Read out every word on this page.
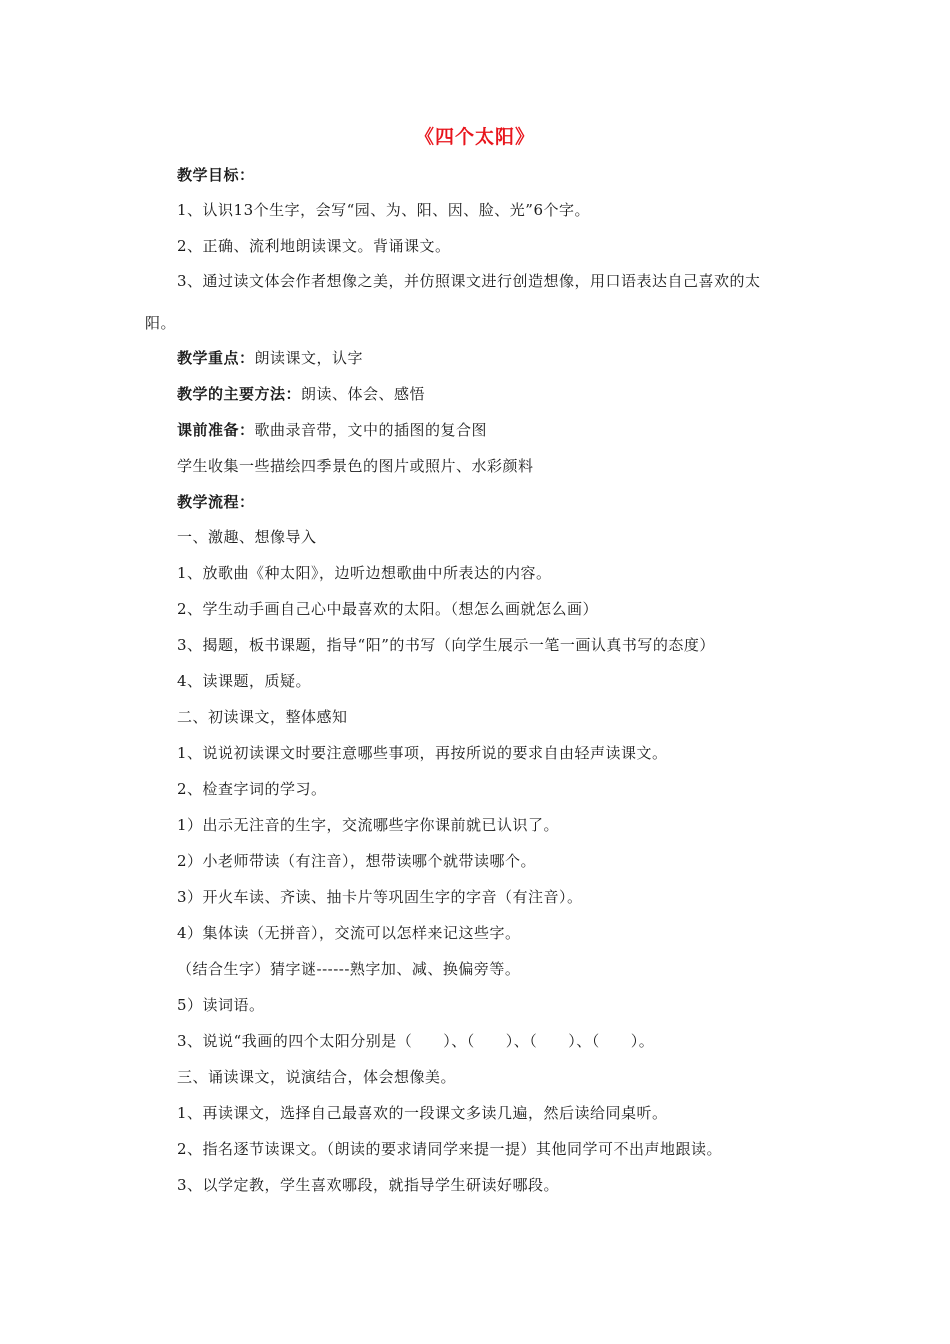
《四个太阳》
教学目标：
1、认识13个生字，会写“园、为、阳、因、脸、光”6个字。
2、正确、流利地朗读课文。背诵课文。
3、通过读文体会作者想像之美，并仿照课文进行创造想像，用口语表达自己喜欢的太
阳。
教学重点：朗读课文，认字
教学的主要方法：朗读、体会、感悟
课前准备：歌曲录音带，文中的插图的复合图
学生收集一些描绘四季景色的图片或照片、水彩颜料
教学流程：
一、激趣、想像导入
1、放歌曲《种太阳》，边听边想歌曲中所表达的内容。
2、学生动手画自己心中最喜欢的太阳。（想怎么画就怎么画）
3、揭题，板书课题，指导“阳”的书写（向学生展示一笔一画认真书写的态度）
4、读课题，质疑。
二、初读课文，整体感知
1、说说初读课文时要注意哪些事项，再按所说的要求自由轻声读课文。
2、检查字词的学习。
1）出示无注音的生字，交流哪些字你课前就已认识了。
2）小老师带读（有注音），想带读哪个就带读哪个。
3）开火车读、齐读、抽卡片等巩固生字的字音（有注音）。
4）集体读（无拼音），交流可以怎样来记这些字。
（结合生字）猜字谜------熟字加、减、换偏旁等。
5）读词语。
3、说说“我画的四个太阳分别是（　　）、（　　）、（　　）、（　　）。
三、诵读课文，说演结合，体会想像美。
1、再读课文，选择自己最喜欢的一段课文多读几遍，然后读给同桌听。
2、指名逐节读课文。（朗读的要求请同学来提一提）其他同学可不出声地跟读。
3、以学定教，学生喜欢哪段，就指导学生研读好哪段。
